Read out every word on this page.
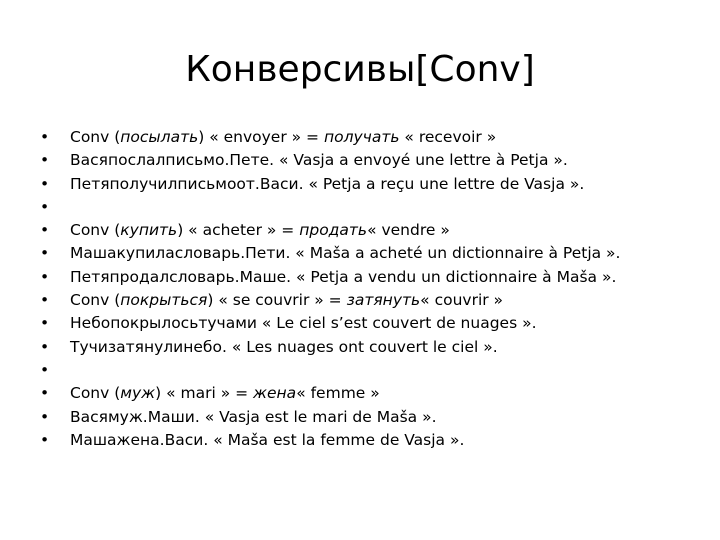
Конверсивы[Conv]
•	Conv (посылать) « envoyer » = получать « recevoir »
•	Васяпослалписьмо.Пете. « Vasja a envoyé une lettre à Petja ».
•	Петяполучилписьмоот.Васи. « Petja a reçu une lettre de Vasja ».
•
•	Conv (купить) « acheter » = продать« vendre »
•	Машакупиласловарь.Пети. « Maša a acheté un dictionnaire à Petja ».
•	Петяпродалсловарь.Маше. « Petja a vendu un dictionnaire à Maša ».
•	Conv (покрыться) « se couvrir » = затянуть« couvrir »
•	Небопокрылосьтучами « Le ciel s’est couvert de nuages ».
•	Тучизатянулинебо. « Les nuages ont couvert le ciel ».
•
•	Conv (муж) « mari » = жена« femme »
•	Васямуж.Маши. « Vasja est le mari de Maša ».
•	Машажена.Васи. « Maša est la femme de Vasja ».
